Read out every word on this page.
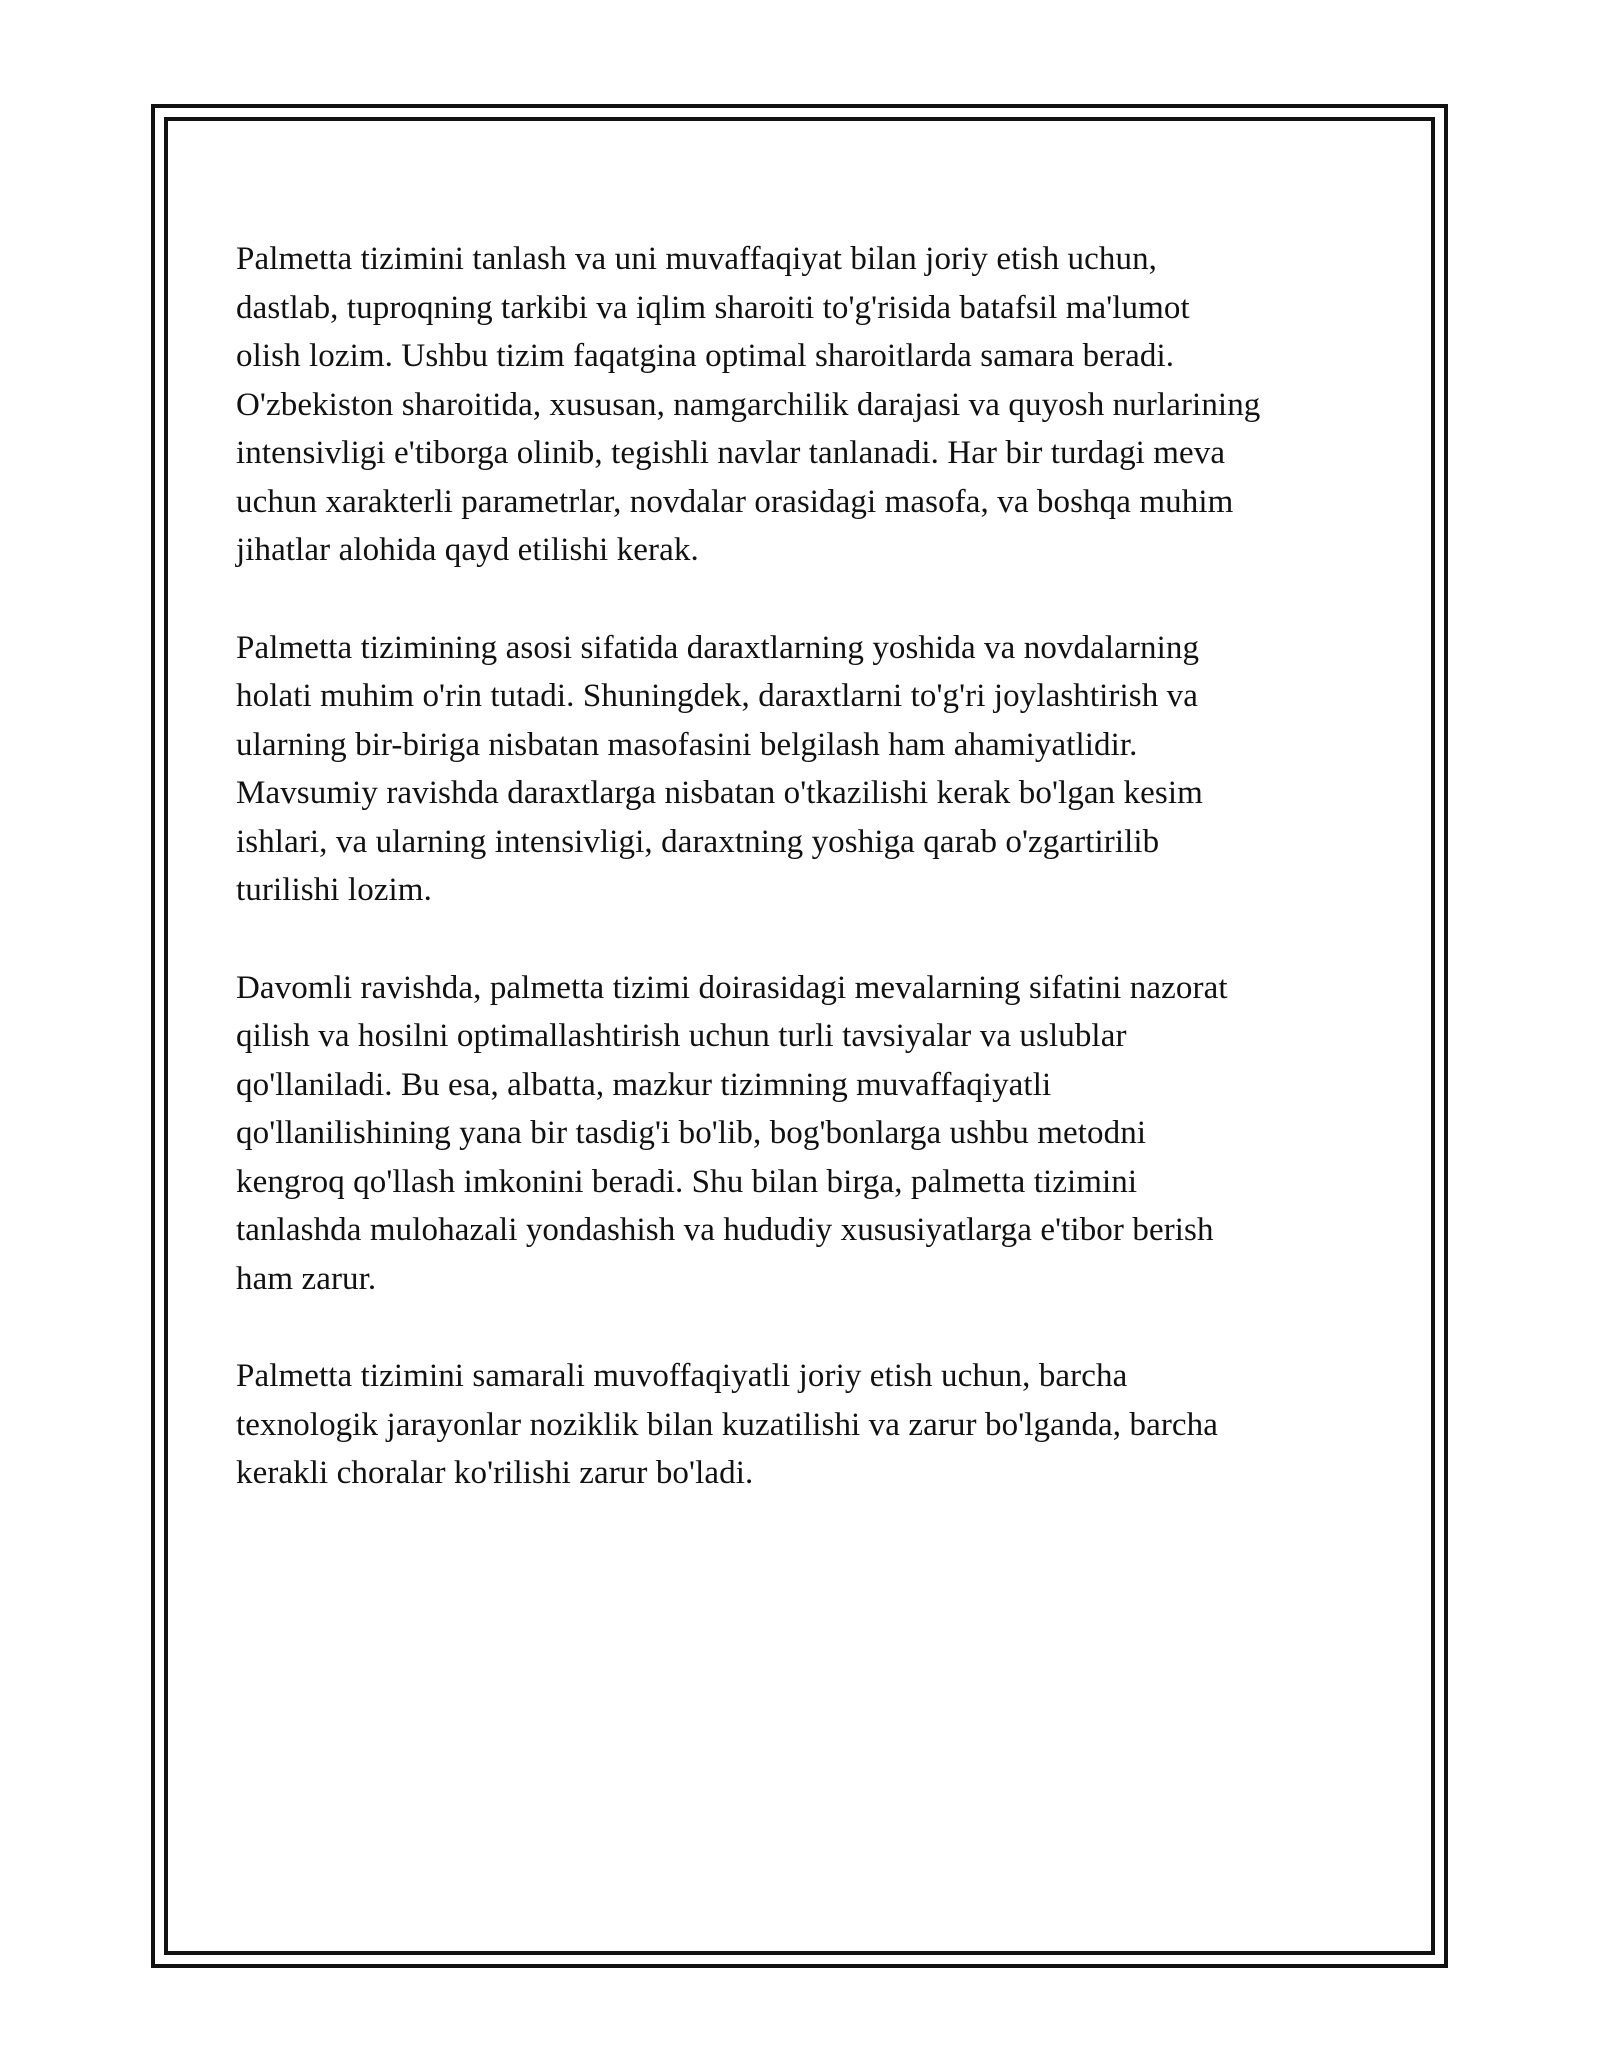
Palmetta tizimini tanlash va uni muvaffaqiyat bilan joriy etish uchun,
dastlab, tuproqning tarkibi va iqlim sharoiti to'g'risida batafsil ma'lumot
olish lozim. Ushbu tizim faqatgina optimal sharoitlarda samara beradi.
O'zbekiston sharoitida, xususan, namgarchilik darajasi va quyosh nurlarining
intensivligi e'tiborga olinib, tegishli navlar tanlanadi. Har bir turdagi meva
uchun xarakterli parametrlar, novdalar orasidagi masofa, va boshqa muhim
jihatlar alohida qayd etilishi kerak.

Palmetta tizimining asosi sifatida daraxtlarning yoshida va novdalarning
holati muhim o'rin tutadi. Shuningdek, daraxtlarni to'g'ri joylashtirish va
ularning bir-biriga nisbatan masofasini belgilash ham ahamiyatlidir.
Mavsumiy ravishda daraxtlarga nisbatan o'tkazilishi kerak bo'lgan kesim
ishlari, va ularning intensivligi, daraxtning yoshiga qarab o'zgartirilib
turilishi lozim.

Davomli ravishda, palmetta tizimi doirasidagi mevalarning sifatini nazorat
qilish va hosilni optimallashtirish uchun turli tavsiyalar va uslublar
qo'llaniladi. Bu esa, albatta, mazkur tizimning muvaffaqiyatli
qo'llanilishining yana bir tasdig'i bo'lib, bog'bonlarga ushbu metodni
kengroq qo'llash imkonini beradi. Shu bilan birga, palmetta tizimini
tanlashda mulohazali yondashish va hududiy xususiyatlarga e'tibor berish
ham zarur.

Palmetta tizimini samarali muvoffaqiyatli joriy etish uchun, barcha
texnologik jarayonlar noziklik bilan kuzatilishi va zarur bo'lganda, barcha
kerakli choralar ko'rilishi zarur bo'ladi.
